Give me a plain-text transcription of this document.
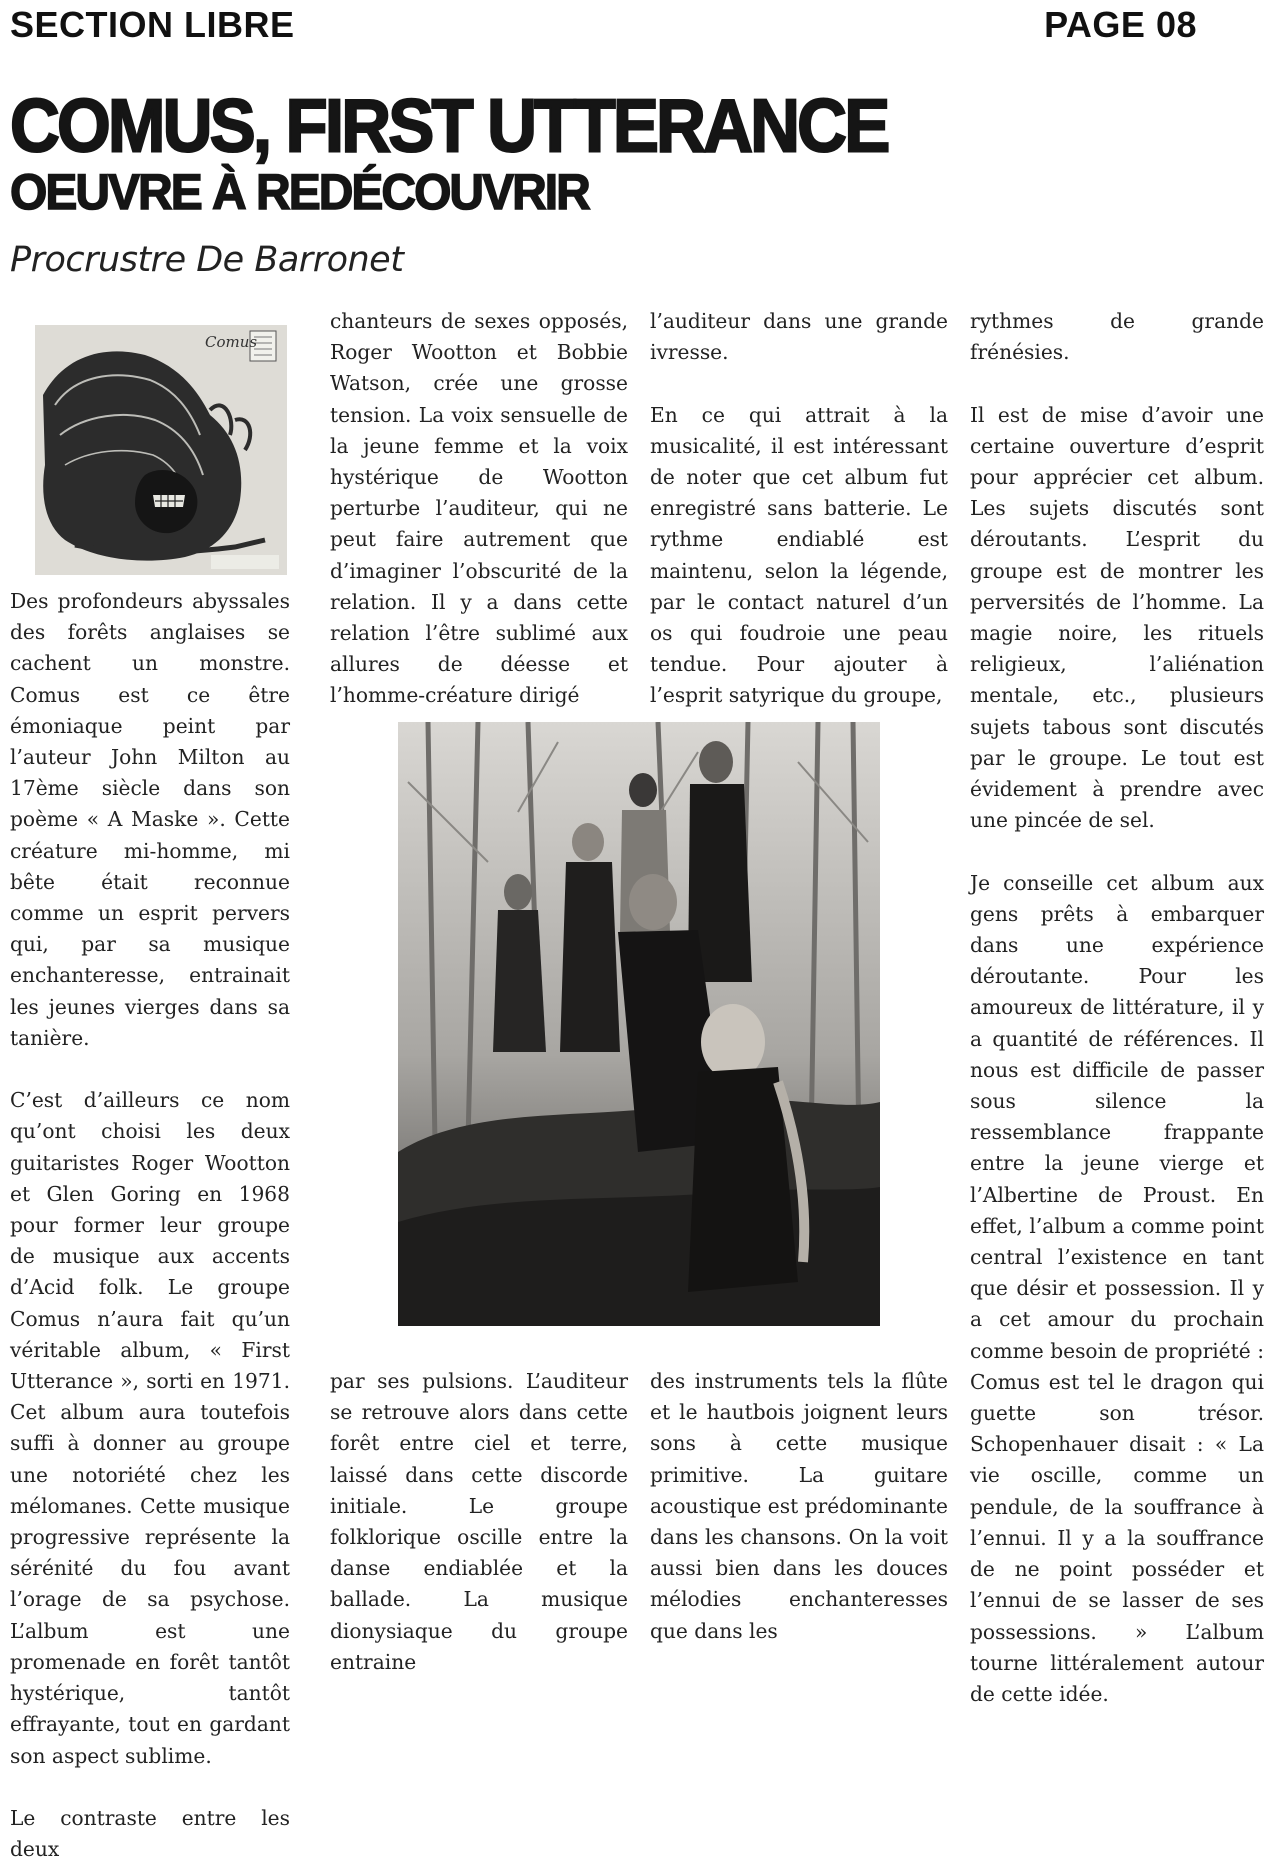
SECTION LIBRE	PAGE 08
COMUS, FIRST UTTERANCE
OEUVRE À REDÉCOUVRIR
Procrustre De Barronet
Comus

Des profondeurs abyssales des forêts anglaises se cachent un monstre. Comus est ce être émoniaque peint par l’auteur John Milton au 17ème siècle dans son poème « A Maske ». Cette créature mi-homme, mi bête était reconnue comme un esprit pervers qui, par sa musique enchanteresse, entrainait les jeunes vierges dans sa tanière.

C’est d’ailleurs ce nom qu’ont choisi les deux guitaristes Roger Wootton et Glen Goring en 1968 pour former leur groupe de musique aux accents d’Acid folk. Le groupe Comus n’aura fait qu’un véritable album, « First Utterance », sorti en 1971. Cet album aura toutefois suffi à donner au groupe une notoriété chez les mélomanes. Cette musique progressive représente la sérénité du fou avant l’orage de sa psychose. L’album est une promenade en forêt tantôt hystérique, tantôt effrayante, tout en gardant son aspect sublime.

Le contraste entre les deux

chanteurs de sexes opposés, Roger Wootton et Bobbie Watson, crée une grosse tension. La voix sensuelle de la jeune femme et la voix hystérique de Wootton perturbe l’auditeur, qui ne peut faire autrement que d’imaginer l’obscurité de la relation. Il y a dans cette relation l’être sublimé aux allures de déesse et l’homme-créature dirigé

par ses pulsions. L’auditeur se retrouve alors dans cette forêt entre ciel et terre, laissé dans cette discorde initiale. Le groupe folklorique oscille entre la danse endiablée et la ballade. La musique dionysiaque du groupe entraine

l’auditeur dans une grande ivresse.

En ce qui attrait à la musicalité, il est intéressant de noter que cet album fut enregistré sans batterie. Le rythme endiablé est maintenu, selon la légende, par le contact naturel d’un os qui foudroie une peau tendue. Pour ajouter à l’esprit satyrique du groupe,

des instruments tels la flûte et le hautbois joignent leurs sons à cette musique primitive. La guitare acoustique est prédominante dans les chansons. On la voit aussi bien dans les douces mélodies enchanteresses que dans les

rythmes de grande frénésies.

Il est de mise d’avoir une certaine ouverture d’esprit pour apprécier cet album. Les sujets discutés sont déroutants. L’esprit du groupe est de montrer les perversités de l’homme. La magie noire, les rituels religieux, l’aliénation mentale, etc., plusieurs sujets tabous sont discutés par le groupe. Le tout est évidement à prendre avec une pincée de sel.

Je conseille cet album aux gens prêts à embarquer dans une expérience déroutante. Pour les amoureux de littérature, il y a quantité de références. Il nous est difficile de passer sous silence la ressemblance frappante entre la jeune vierge et l’Albertine de Proust. En effet, l’album a comme point central l’existence en tant que désir et possession. Il y a cet amour du prochain comme besoin de propriété : Comus est tel le dragon qui guette son trésor. Schopenhauer disait : « La vie oscille, comme un pendule, de la souffrance à l’ennui. Il y a la souffrance de ne point posséder et l’ennui de se lasser de ses possessions. » L’album tourne littéralement autour de cette idée.
